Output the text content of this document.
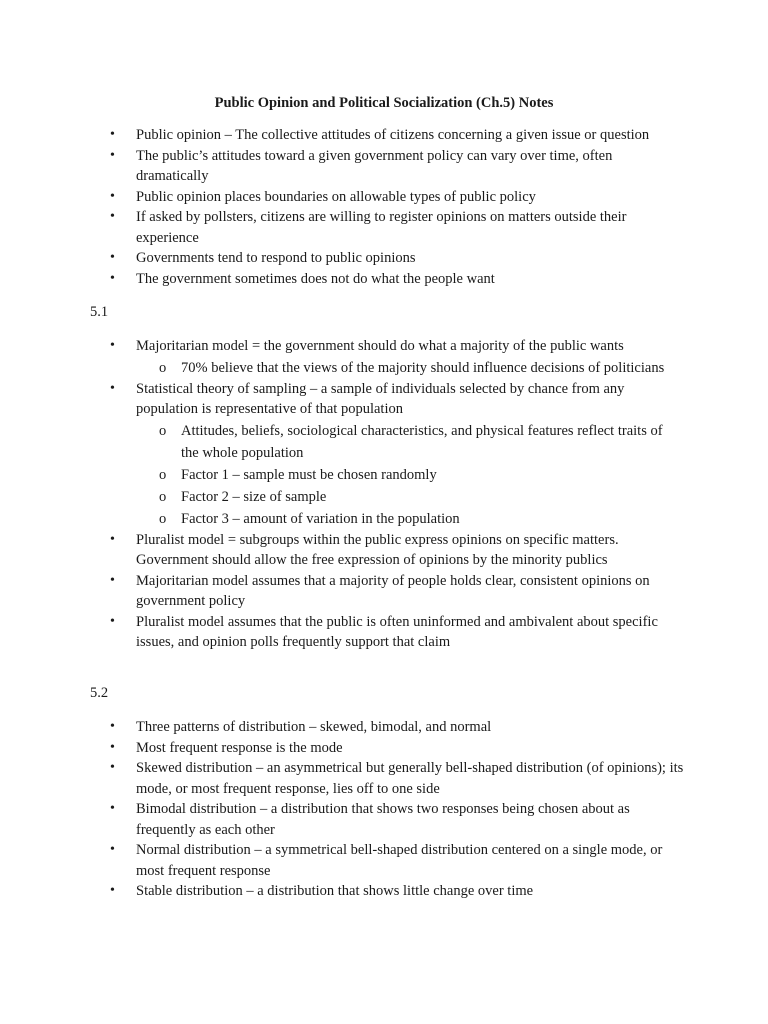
Public Opinion and Political Socialization (Ch.5) Notes
• Public opinion – The collective attitudes of citizens concerning a given issue or question
• The public’s attitudes toward a given government policy can vary over time, often dramatically
• Public opinion places boundaries on allowable types of public policy
• If asked by pollsters, citizens are willing to register opinions on matters outside their experience
• Governments tend to respond to public opinions
• The government sometimes does not do what the people want

5.1

• Majoritarian model = the government should do what a majority of the public wants
o 70% believe that the views of the majority should influence decisions of politicians
• Statistical theory of sampling – a sample of individuals selected by chance from any population is representative of that population
o Attitudes, beliefs, sociological characteristics, and physical features reflect traits of the whole population
o Factor 1 – sample must be chosen randomly
o Factor 2 – size of sample
o Factor 3 – amount of variation in the population
• Pluralist model = subgroups within the public express opinions on specific matters. Government should allow the free expression of opinions by the minority publics
• Majoritarian model assumes that a majority of people holds clear, consistent opinions on government policy
• Pluralist model assumes that the public is often uninformed and ambivalent about specific issues, and opinion polls frequently support that claim

5.2

• Three patterns of distribution – skewed, bimodal, and normal
• Most frequent response is the mode
• Skewed distribution – an asymmetrical but generally bell-shaped distribution (of opinions); its mode, or most frequent response, lies off to one side
• Bimodal distribution – a distribution that shows two responses being chosen about as frequently as each other
• Normal distribution – a symmetrical bell-shaped distribution centered on a single mode, or most frequent response
• Stable distribution – a distribution that shows little change over time
